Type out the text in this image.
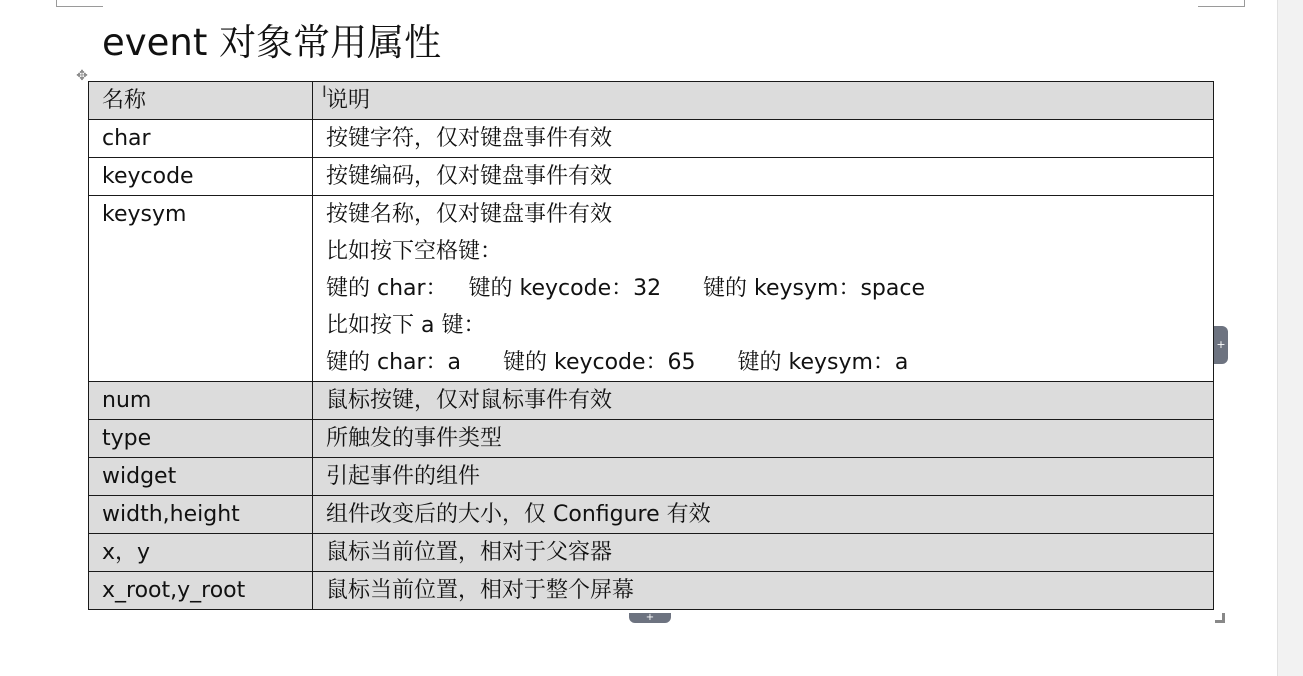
event 对象常用属性
✥
名称	说明
char	按键字符，仅对键盘事件有效

keycode	按键编码，仅对键盘事件有效

keysym	按键名称，仅对键盘事件有效
比如按下空格键：
键的 char：   键的 keycode：32      键的 keysym：space
比如按下 a 键：
键的 char：a      键的 keycode：65      键的 keysym：a

num	鼠标按键，仅对鼠标事件有效

type	所触发的事件类型

widget	引起事件的组件

width,height	组件改变后的大小，仅 Configure 有效

x，y	鼠标当前位置，相对于父容器

x_root,y_root	鼠标当前位置，相对于整个屏幕
I
+
+
